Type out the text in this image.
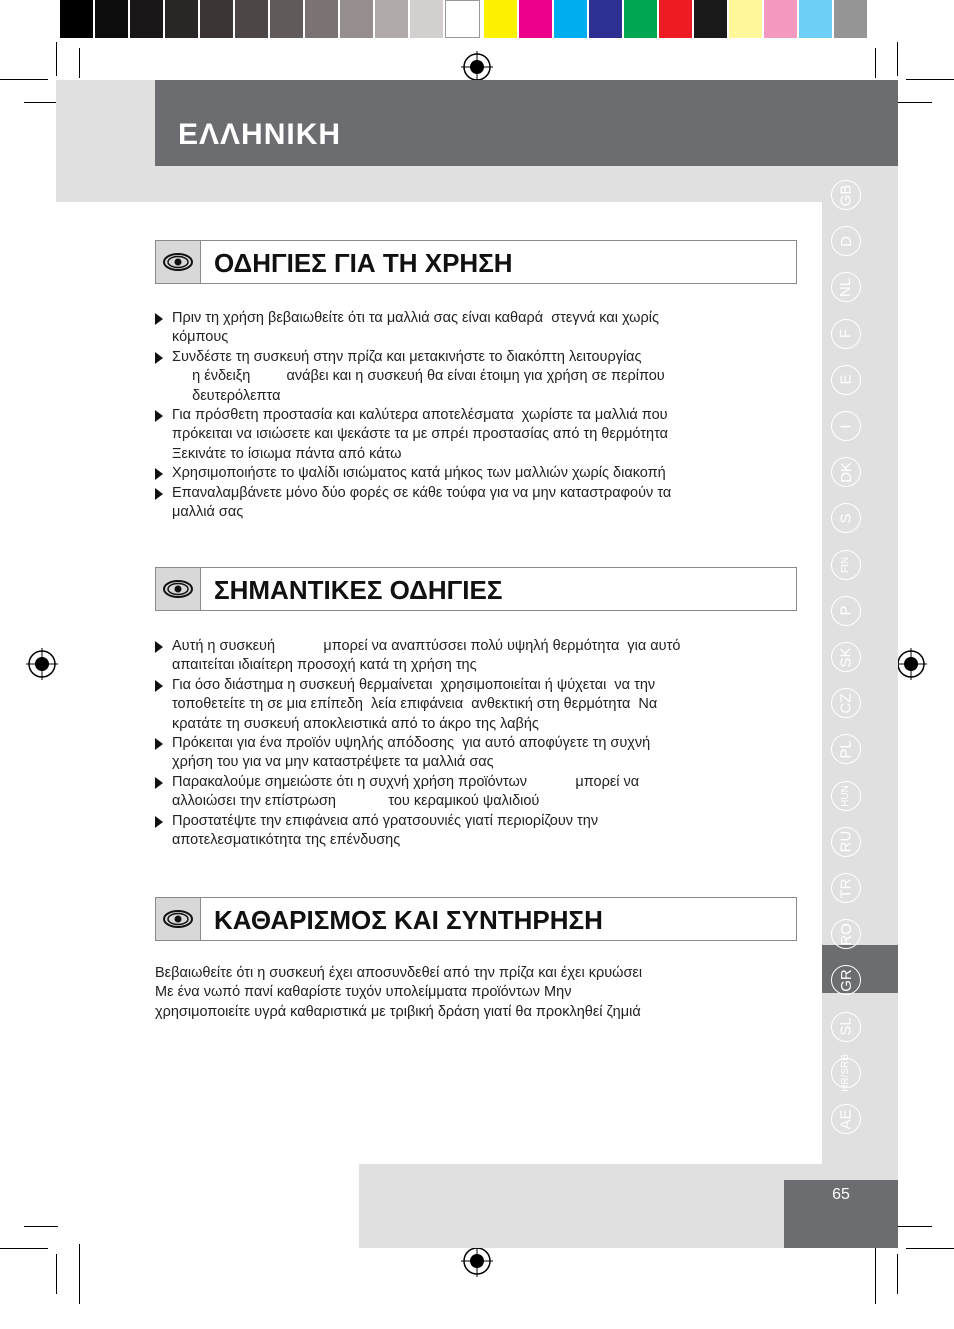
ΕΛΛΗΝΙΚΗ
GB
D
NL
F
E
I
DK
S
FIN
P
SK
CZ
PL
HUN
RU
TR
RO
GR
SL
HR/SRB
AE
ΟΔΗΓΙΕΣ ΓΙΑ ΤΗ ΧΡΗΣΗ
Πριν τη χρήση βεβαιωθείτε ότι τα μαλλιά σας είναι καθαρά  στεγνά και χωρίς
κόμπους
Συνδέστε τη συσκευή στην πρίζα και μετακινήστε το διακόπτη λειτουργίας
η ένδειξη         ανάβει και η συσκευή θα είναι έτοιμη για χρήση σε περίπου
δευτερόλεπτα
Για πρόσθετη προστασία και καλύτερα αποτελέσματα  χωρίστε τα μαλλιά που
πρόκειται να ισιώσετε και ψεκάστε τα με σπρέι προστασίας από τη θερμότητα
Ξεκινάτε το ίσιωμα πάντα από κάτω
Χρησιμοποιήστε το ψαλίδι ισιώματος κατά μήκος των μαλλιών χωρίς διακοπή
Επαναλαμβάνετε μόνο δύο φορές σε κάθε τούφα για να μην καταστραφούν τα
μαλλιά σας
ΣΗΜΑΝΤΙΚΕΣ ΟΔΗΓΙΕΣ
Αυτή η συσκευή            μπορεί να αναπτύσσει πολύ υψηλή θερμότητα  για αυτό
απαιτείται ιδιαίτερη προσοχή κατά τη χρήση της
Για όσο διάστημα η συσκευή θερμαίνεται  χρησιμοποιείται ή ψύχεται  να την
τοποθετείτε τη σε μια επίπεδη  λεία επιφάνεια  ανθεκτική στη θερμότητα  Να
κρατάτε τη συσκευή αποκλειστικά από το άκρο της λαβής
Πρόκειται για ένα προϊόν υψηλής απόδοσης  για αυτό αποφύγετε τη συχνή
χρήση του για να μην καταστρέψετε τα μαλλιά σας
Παρακαλούμε σημειώστε ότι η συχνή χρήση προϊόντων            μπορεί να
αλλοιώσει την επίστρωση             του κεραμικού ψαλιδιού
Προστατέψτε την επιφάνεια από γρατσουνιές γιατί περιορίζουν την
αποτελεσματικότητα της επένδυσης
ΚΑΘΑΡΙΣΜΟΣ ΚΑΙ ΣΥΝΤΗΡΗΣΗ
Βεβαιωθείτε ότι η συσκευή έχει αποσυνδεθεί από την πρίζα και έχει κρυώσει
Με ένα νωπό πανί καθαρίστε τυχόν υπολείμματα προϊόντων Μην
χρησιμοποιείτε υγρά καθαριστικά με τριβική δράση γιατί θα προκληθεί ζημιά
65
